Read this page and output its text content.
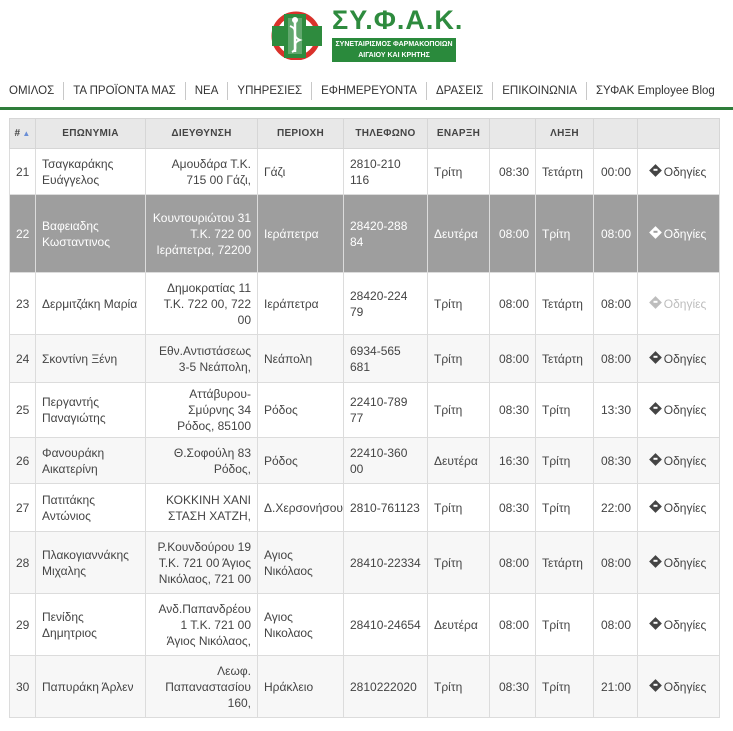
ΣΥ.Φ.Α.Κ.
ΣΥΝΕΤΑΙΡΙΣΜΟΣ ΦΑΡΜΑΚΟΠΟΙΩΝ ΑΙΓΑΙΟΥ ΚΑΙ ΚΡΗΤΗΣ
ΟΜΙΛΟΣ	ΤΑ ΠΡΟΪΟΝΤΑ ΜΑΣ	ΝΕΑ	ΥΠΗΡΕΣΙΕΣ	ΕΦΗΜΕΡΕΥΟΝΤΑ	ΔΡΑΣΕΙΣ	ΕΠΙΚΟΙΝΩΝΙΑ	ΣΥΦΑΚ Employee Blog
# ▲	ΕΠΩΝΥΜΙΑ	ΔΙΕΥΘΥΝΣΗ	ΠΕΡΙΟΧΗ	ΤΗΛΕΦΩΝΟ	ΕΝΑΡΞΗ		ΛΗΞΗ		
21	Τσαγκαράκης Ευάγγελος	Αμουδάρα Τ.Κ. 715 00 Γάζι,	Γάζι	2810-210 116	Τρίτη	08:30	Τετάρτη	00:00	Οδηγίες
22	Βαφειαδης Κωσταντινος	Κουντουριώτου 31 Τ.Κ. 722 00 Ιεράπετρα, 72200	Ιεράπετρα	28420-288 84	Δευτέρα	08:00	Τρίτη	08:00	Οδηγίες
23	Δερμιτζάκη Μαρία	Δημοκρατίας 11 Τ.Κ. 722 00, 722 00	Ιεράπετρα	28420-224 79	Τρίτη	08:00	Τετάρτη	08:00	Οδηγίες
24	Σκοντίνη Ξένη	Εθν.Αντιστάσεως 3-5 Νεάπολη,	Νεάπολη	6934-565 681	Τρίτη	08:00	Τετάρτη	08:00	Οδηγίες
25	Περγαντής Παναγιώτης	Αττάβυρου-Σμύρνης 34 Ρόδος, 85100	Ρόδος	22410-789 77	Τρίτη	08:30	Τρίτη	13:30	Οδηγίες
26	Φανουράκη Αικατερίνη	Θ.Σοφούλη 83 Ρόδος,	Ρόδος	22410-360 00	Δευτέρα	16:30	Τρίτη	08:30	Οδηγίες
27	Πατιτάκης Αντώνιος	ΚΟΚΚΙΝΗ ΧΑΝΙ ΣΤΑΣΗ ΧΑΤΖΗ,	Δ.Χερσονήσου	2810-761123	Τρίτη	08:30	Τρίτη	22:00	Οδηγίες
28	Πλακογιαννάκης Μιχαλης	Ρ.Κουνδούρου 19 Τ.Κ. 721 00 Άγιος Νικόλαος, 721 00	Αγιος Νικόλαος	28410-22334	Τρίτη	08:00	Τετάρτη	08:00	Οδηγίες
29	Πενίδης Δημητριος	Ανδ.Παπανδρέου 1 Τ.Κ. 721 00 Άγιος Νικόλαος,	Αγιος Νικολαος	28410-24654	Δευτέρα	08:00	Τρίτη	08:00	Οδηγίες
30	Παπυράκη Άρλεν	Λεωφ. Παπαναστασίου 160,	Ηράκλειο	2810222020	Τρίτη	08:30	Τρίτη	21:00	Οδηγίες
